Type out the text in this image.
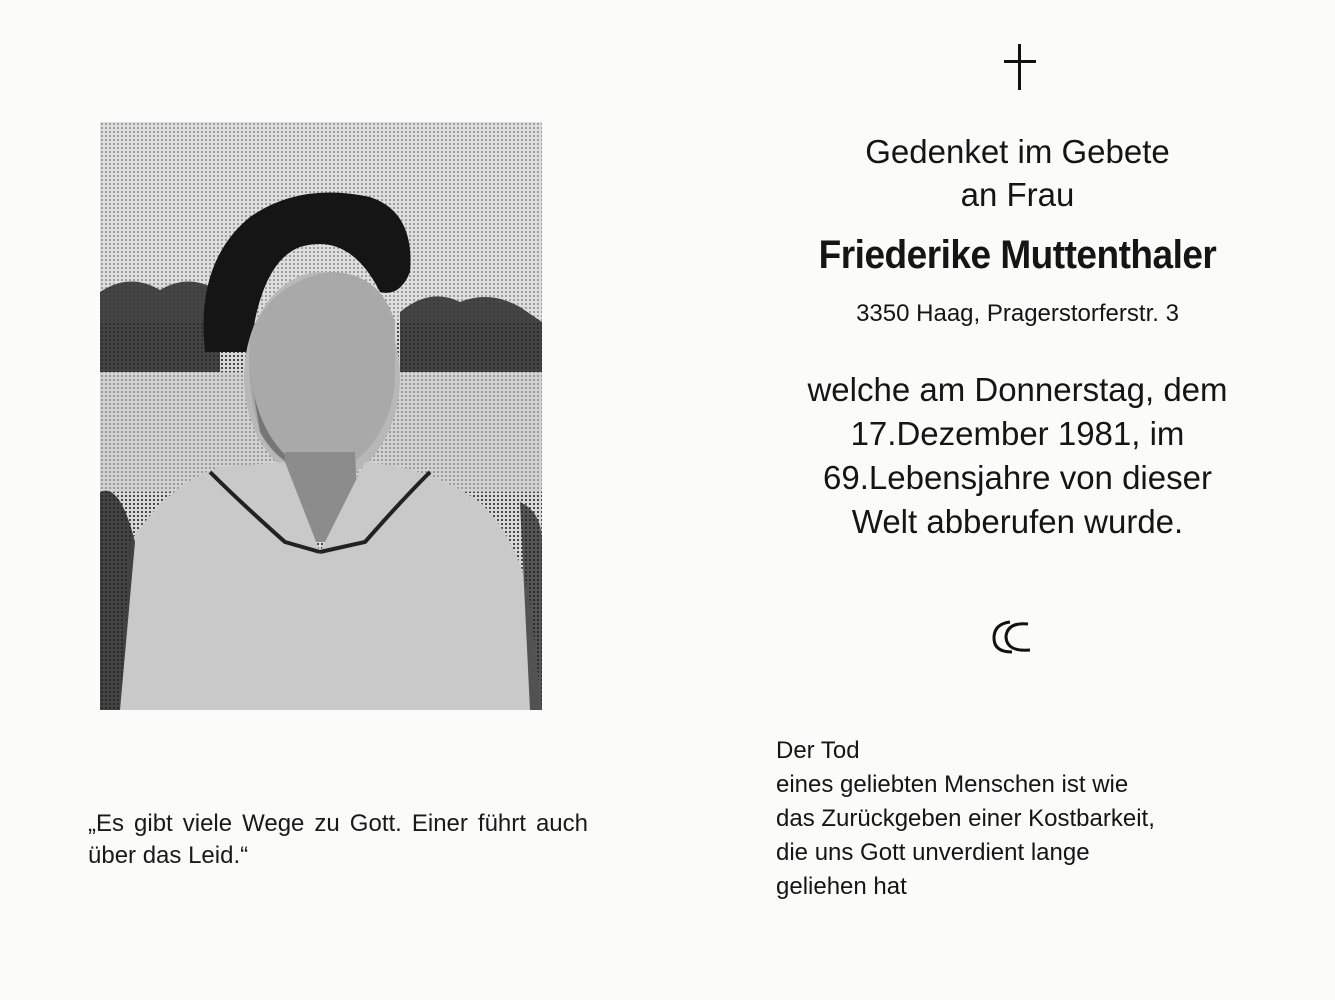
„Es gibt viele Wege zu Gott. Einer führt auch über das Leid.“
Gedenket im Gebete
an Frau
Friederike Muttenthaler
3350 Haag, Pragerstorferstr. 3
welche am Donnerstag, dem
17.Dezember 1981, im
69.Lebensjahre von dieser
Welt abberufen wurde.
Der Tod
eines geliebten Menschen ist wie
das Zurückgeben einer Kostbarkeit,
die uns Gott unverdient lange
geliehen hat
